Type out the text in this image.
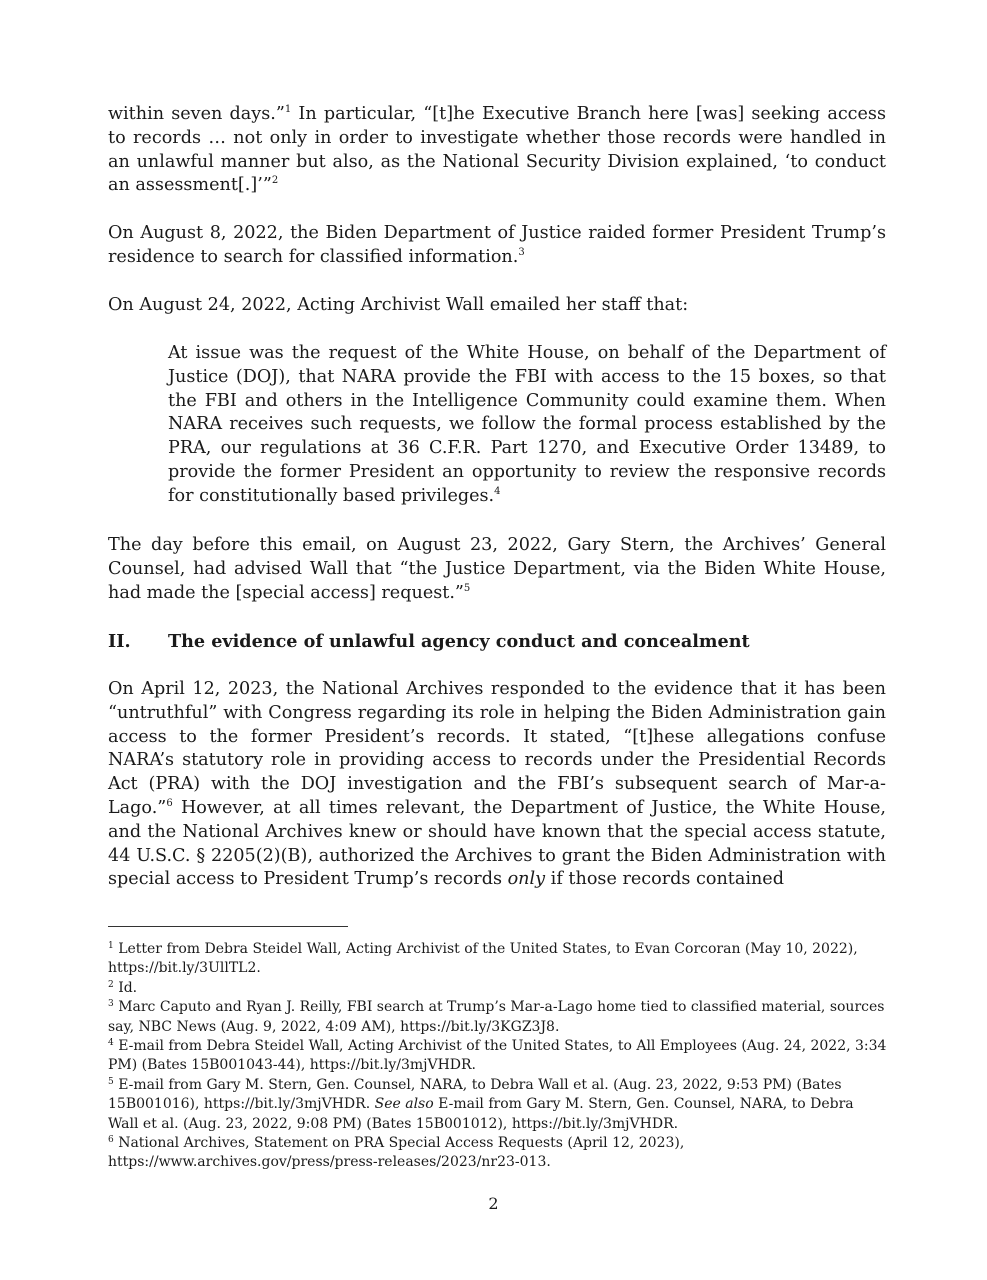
within seven days.”$^1$ In particular, “[t]he Executive Branch here [was] seeking access to records … not only in order to investigate whether those records were handled in an unlawful manner but also, as the National Security Division explained, ‘to conduct an assessment[.]’”$^2$

On August 8, 2022, the Biden Department of Justice raided former President Trump’s residence to search for classified information.$^3$

On August 24, 2022, Acting Archivist Wall emailed her staff that:

At issue was the request of the White House, on behalf of the Department of Justice (DOJ), that NARA provide the FBI with access to the 15 boxes, so that the FBI and others in the Intelligence Community could examine them. When NARA receives such requests, we follow the formal process established by the PRA, our regulations at 36 C.F.R. Part 1270, and Executive Order 13489, to provide the former President an opportunity to review the responsive records for constitutionally based privileges.$^4$

The day before this email, on August 23, 2022, Gary Stern, the Archives’ General Counsel, had advised Wall that “the Justice Department, via the Biden White House, had made the [special access] request.”$^5$

II. The evidence of unlawful agency conduct and concealment

On April 12, 2023, the National Archives responded to the evidence that it has been “untruthful” with Congress regarding its role in helping the Biden Administration gain access to the former President’s records. It stated, “[t]hese allegations confuse NARA’s statutory role in providing access to records under the Presidential Records Act (PRA) with the DOJ investigation and the FBI’s subsequent search of Mar-a-Lago.”$^6$ However, at all times relevant, the Department of Justice, the White House, and the National Archives knew or should have known that the special access statute, 44 U.S.C. § 2205(2)(B), authorized the Archives to grant the Biden Administration with special access to President Trump’s records only if those records contained

$^1$ Letter from Debra Steidel Wall, Acting Archivist of the United States, to Evan Corcoran (May 10, 2022), https://bit.ly/3UllTL2.

$^2$ Id.

$^3$ Marc Caputo and Ryan J. Reilly, FBI search at Trump’s Mar-a-Lago home tied to classified material, sources say, NBC News (Aug. 9, 2022, 4:09 AM), https://bit.ly/3KGZ3J8.

$^4$ E-mail from Debra Steidel Wall, Acting Archivist of the United States, to All Employees (Aug. 24, 2022, 3:34 PM) (Bates 15B001043-44), https://bit.ly/3mjVHDR.

$^5$ E-mail from Gary M. Stern, Gen. Counsel, NARA, to Debra Wall et al. (Aug. 23, 2022, 9:53 PM) (Bates 15B001016), https://bit.ly/3mjVHDR. See also E-mail from Gary M. Stern, Gen. Counsel, NARA, to Debra Wall et al. (Aug. 23, 2022, 9:08 PM) (Bates 15B001012), https://bit.ly/3mjVHDR.

$^6$ National Archives, Statement on PRA Special Access Requests (April 12, 2023), https://www.archives.gov/press/press-releases/2023/nr23-013.

2
